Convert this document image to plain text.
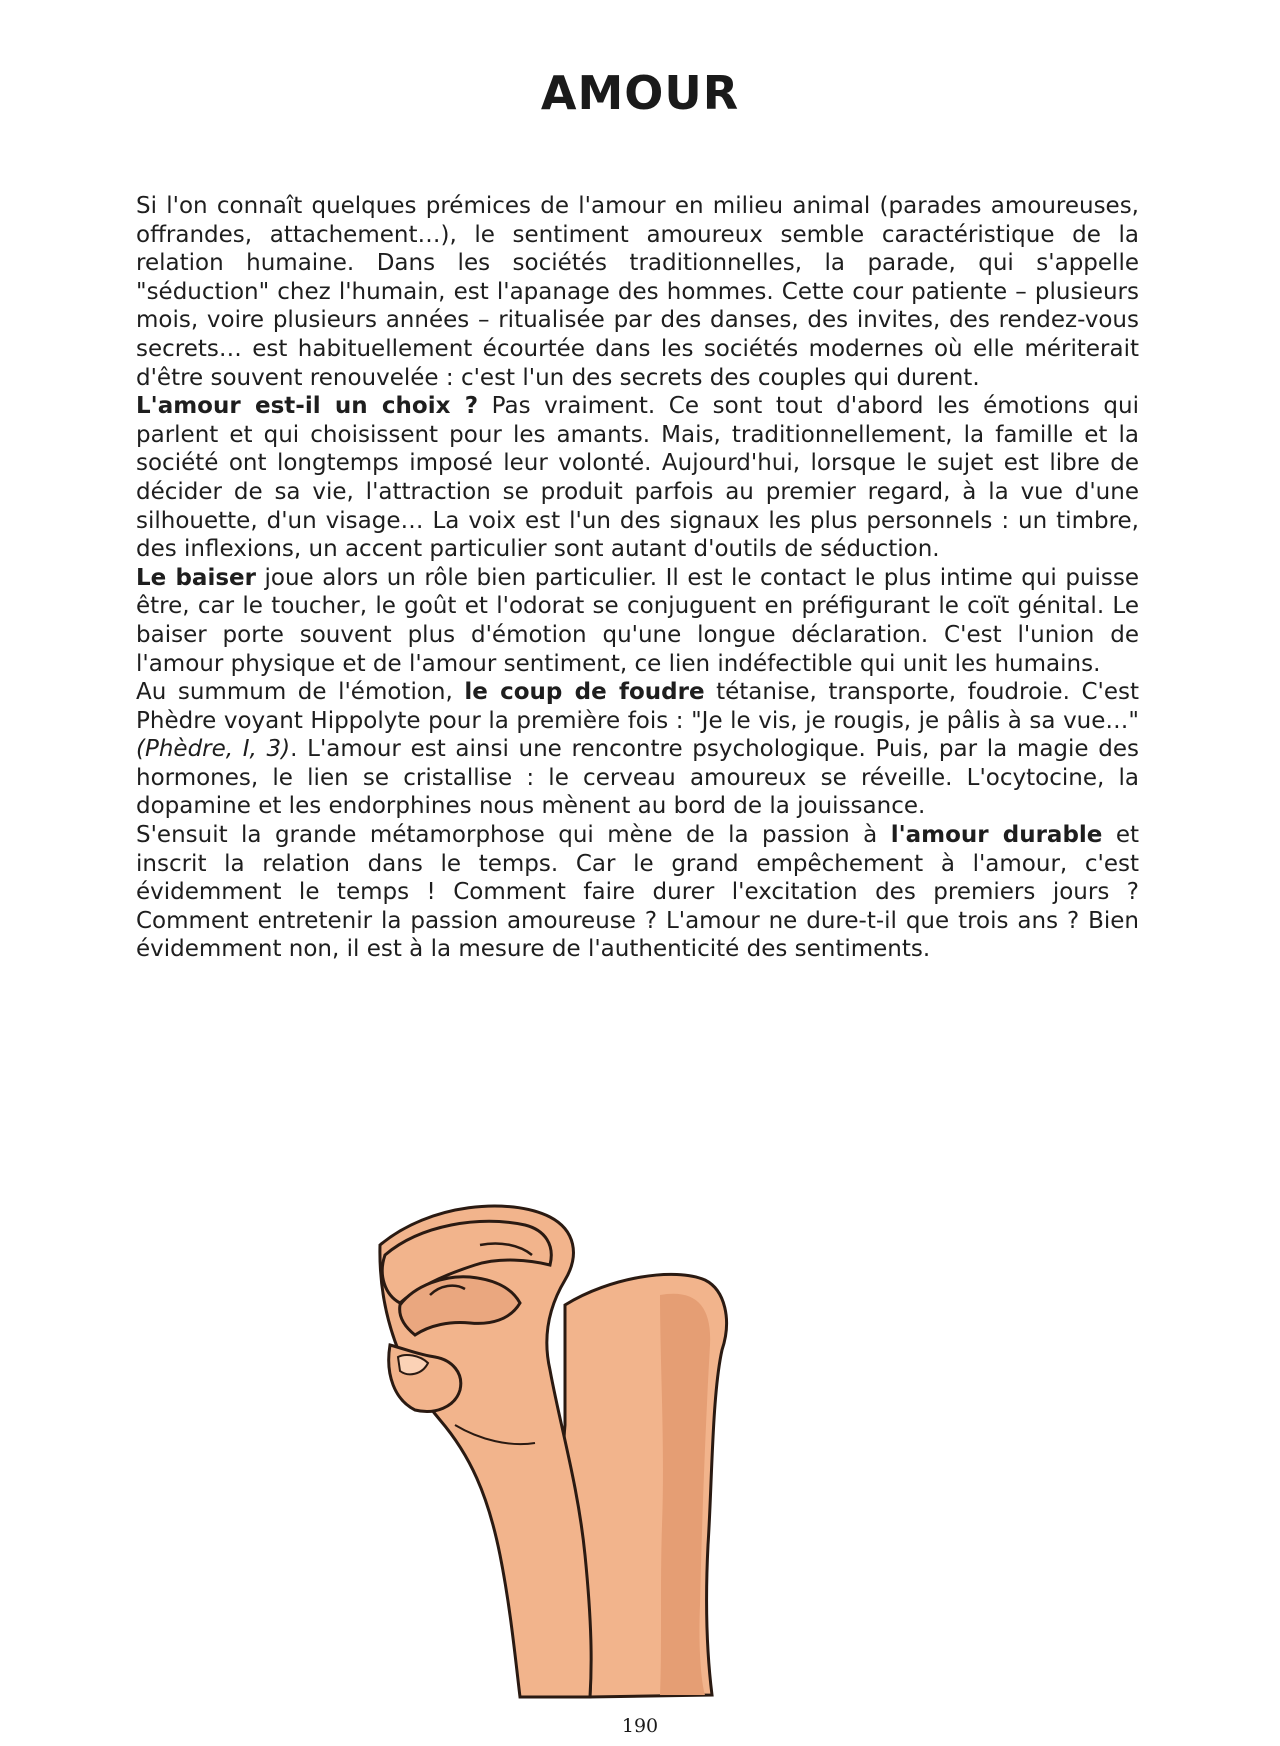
AMOUR

Si l'on connaît quelques prémices de l'amour en milieu animal (parades amoureuses, offrandes, attachement…), le sentiment amoureux semble caractéristique de la relation humaine. Dans les sociétés traditionnelles, la parade, qui s'appelle "séduction" chez l'humain, est l'apanage des hommes. Cette cour patiente – plusieurs mois, voire plusieurs années – ritualisée par des danses, des invites, des rendez-vous secrets… est habituellement écourtée dans les sociétés modernes où elle mériterait d'être souvent renouvelée : c'est l'un des secrets des couples qui durent.

L'amour est-il un choix ? Pas vraiment. Ce sont tout d'abord les émotions qui parlent et qui choisissent pour les amants. Mais, traditionnellement, la famille et la société ont longtemps imposé leur volonté. Aujourd'hui, lorsque le sujet est libre de décider de sa vie, l'attraction se produit parfois au premier regard, à la vue d'une silhouette, d'un visage… La voix est l'un des signaux les plus personnels : un timbre, des inflexions, un accent particulier sont autant d'outils de séduction.

Le baiser joue alors un rôle bien particulier. Il est le contact le plus intime qui puisse être, car le toucher, le goût et l'odorat se conjuguent en préfigurant le coït génital. Le baiser porte souvent plus d'émotion qu'une longue déclaration. C'est l'union de l'amour physique et de l'amour sentiment, ce lien indéfectible qui unit les humains.

Au summum de l'émotion, le coup de foudre tétanise, transporte, foudroie. C'est Phèdre voyant Hippolyte pour la première fois : "Je le vis, je rougis, je pâlis à sa vue…" (Phèdre, I, 3). L'amour est ainsi une rencontre psychologique. Puis, par la magie des hormones, le lien se cristallise : le cerveau amoureux se réveille. L'ocytocine, la dopamine et les endorphines nous mènent au bord de la jouissance.

S'ensuit la grande métamorphose qui mène de la passion à l'amour durable et inscrit la relation dans le temps. Car le grand empêchement à l'amour, c'est évidemment le temps ! Comment faire durer l'excitation des premiers jours ? Comment entretenir la passion amoureuse ? L'amour ne dure-t-il que trois ans ? Bien évidemment non, il est à la mesure de l'authenticité des sentiments.

190
